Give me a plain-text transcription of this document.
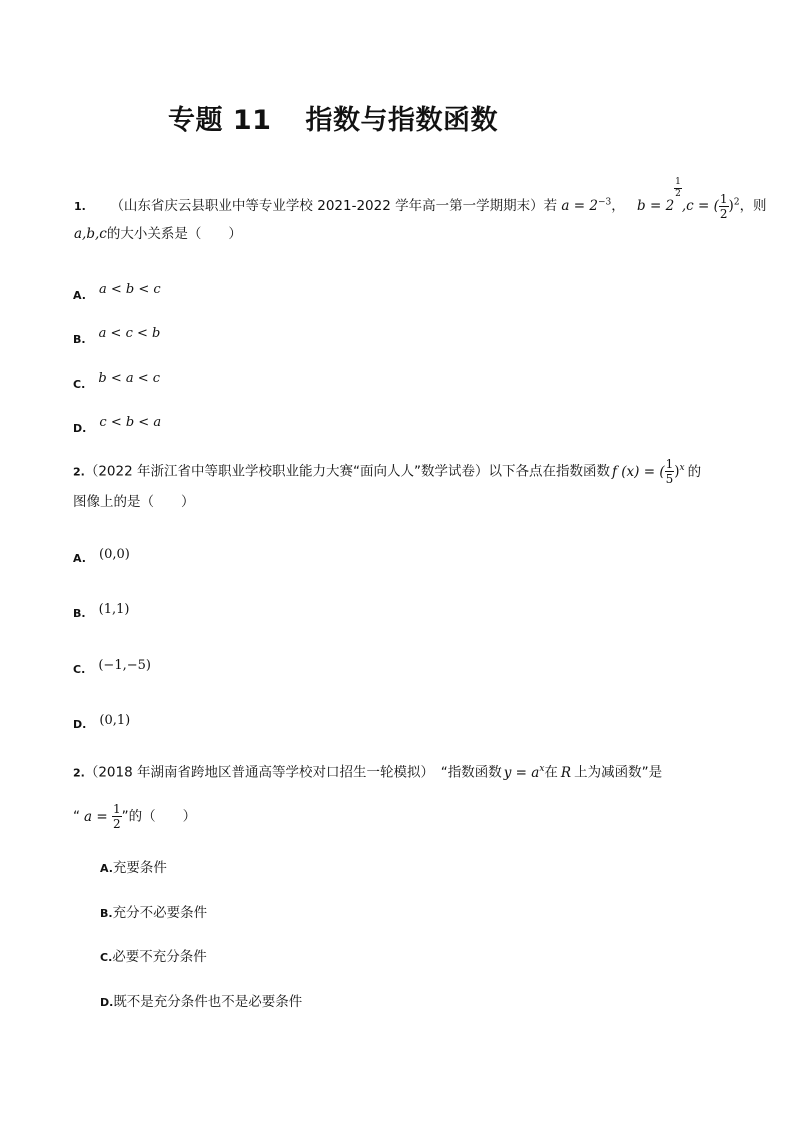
专题 11 指数与指数函数
1. （山东省庆云县职业中等专业学校 2021-2022 学年高一第一学期期末）若 $a = 2^{-3}$， b = 2
$\frac{1}{2}$
,c = ( $\frac{1}{2} )^2$，则
a,b,c的大小关系是（　　）
A. a < b < c
B. a < c < b
C. b < a < c
D. c < b < a
2.（2022 年浙江省中等职业学校职业能力大赛“面向人人”数学试卷）以下各点在指数函数 f (x) = ( $\frac{1}{5} )^x$ 的
图像上的是（　　）
A. (0,0)
B. (1,1)
C. (−1,−5)
D. (0,1)
2.（2018 年湖南省跨地区普通高等学校对口招生一轮模拟）　“指数函数 $y = a^x$在 R 上为减函数”是
“ $a = \frac{1}{2}$ ”的（　　）
A.充要条件
B.充分不必要条件
C.必要不充分条件
D.既不是充分条件也不是必要条件
